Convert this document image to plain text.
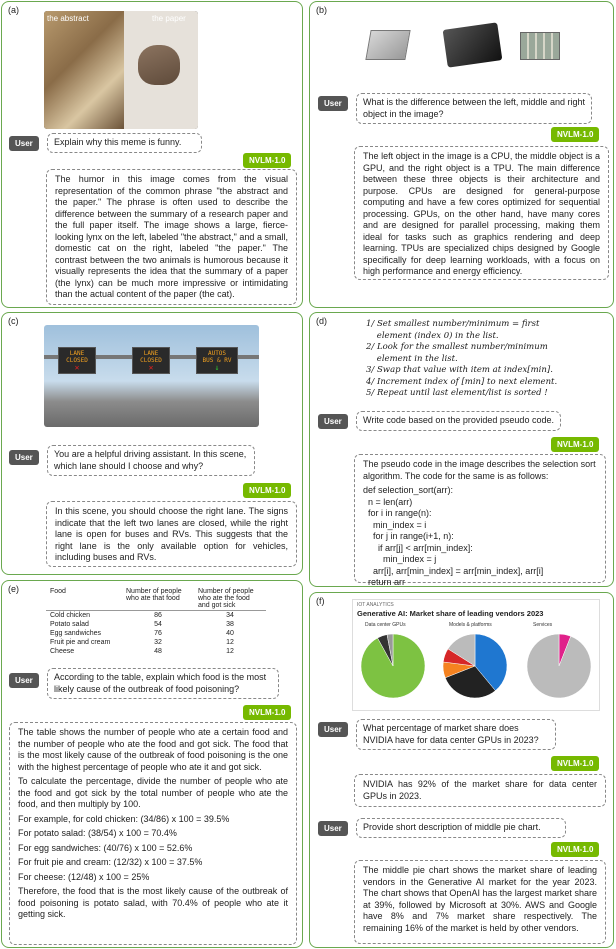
(a)
the abstract	the paper
User	Explain why this meme is funny.
NVLM-1.0
The humor in this image comes from the visual representation of the common phrase "the abstract and the paper." The phrase is often used to describe the difference between the summary of a research paper and the full paper itself. The image shows a large, fierce-looking lynx on the left, labeled "the abstract," and a small, domestic cat on the right, labeled "the paper." The contrast between the two animals is humorous because it visually represents the idea that the summary of a paper (the lynx) can be much more impressive or intimidating than the actual content of the paper (the cat).
(b)
User	What is the difference between the left, middle and right object in the image?
NVLM-1.0
The left object in the image is a CPU, the middle object is a GPU, and the right object is a TPU. The main difference between these three objects is their architecture and purpose. CPUs are designed for general-purpose computing and have a few cores optimized for sequential processing. GPUs, on the other hand, have many cores and are designed for parallel processing, making them ideal for tasks such as graphics rendering and deep learning. TPUs are specialized chips designed by Google specifically for deep learning workloads, with a focus on high performance and energy efficiency.
(c)
LANE
CLOSED
✕
LANE
CLOSED
✕
AUTOS
BUS & RV
↓
User	You are a helpful driving assistant. In this scene, which lane should I choose and why?
NVLM-1.0
In this scene, you should choose the right lane. The signs indicate that the left two lanes are closed, while the right lane is open for buses and RVs. This suggests that the right lane is the only available option for vehicles, including buses and RVs.
(d)	1/ Set smallest number/minimum = first
element (index 0) in the list.
2/ Look for the smallest number/minimum
element in the list.
3/ Swap that value with item at index[min].
4/ Increment index of [min] to next element.
5/ Repeat until last element/list is sorted !
User	Write code based on the provided pseudo code.
NVLM-1.0

The pseudo code in the image describes the selection sort algorithm. The code for the same is as follows:

def selection_sort(arr):
n = len(arr)
for i in range(n):
min_index = i
for j in range(i+1, n):
if arr[j] < arr[min_index]:
min_index = j
arr[i], arr[min_index] = arr[min_index], arr[i]
return arr
(e)	Food	Number of people who ate that food	Number of people who ate the food and got sick
Cold chicken	86	34
Potato salad	54	38
Egg sandwiches	76	40
Fruit pie and cream	32	12
Cheese	48	12
User	According to the table, explain which food is the most likely cause of the outbreak of food poisoning?
NVLM-1.0

The table shows the number of people who ate a certain food and the number of people who ate the food and got sick. The food that is the most likely cause of the outbreak of food poisoning is the one with the highest percentage of people who ate it and got sick.

To calculate the percentage, divide the number of people who ate the food and got sick by the total number of people who ate the food, and then multiply by 100.

For example, for cold chicken: (34/86) x 100 = 39.5%

For potato salad: (38/54) x 100 = 70.4%

For egg sandwiches: (40/76) x 100 = 52.6%

For fruit pie and cream: (12/32) x 100 = 37.5%

For cheese: (12/48) x 100 = 25%

Therefore, the food that is the most likely cause of the outbreak of food poisoning is potato salad, with 70.4% of people who ate it getting sick.

(f)	IOT ANALYTICS
Generative AI: Market share of leading vendors 2023
Data center GPUs	Models & platforms	Services
User	What percentage of market share does NVIDIA have for data center GPUs in 2023?
NVLM-1.0
NVIDIA has 92% of the market share for data center GPUs in 2023.
User	Provide short description of middle pie chart.
NVLM-1.0
The middle pie chart shows the market share of leading vendors in the Generative AI market for the year 2023. The chart shows that OpenAI has the largest market share at 39%, followed by Microsoft at 30%. AWS and Google have 8% and 7% market share respectively. The remaining 16% of the market is held by other vendors.
